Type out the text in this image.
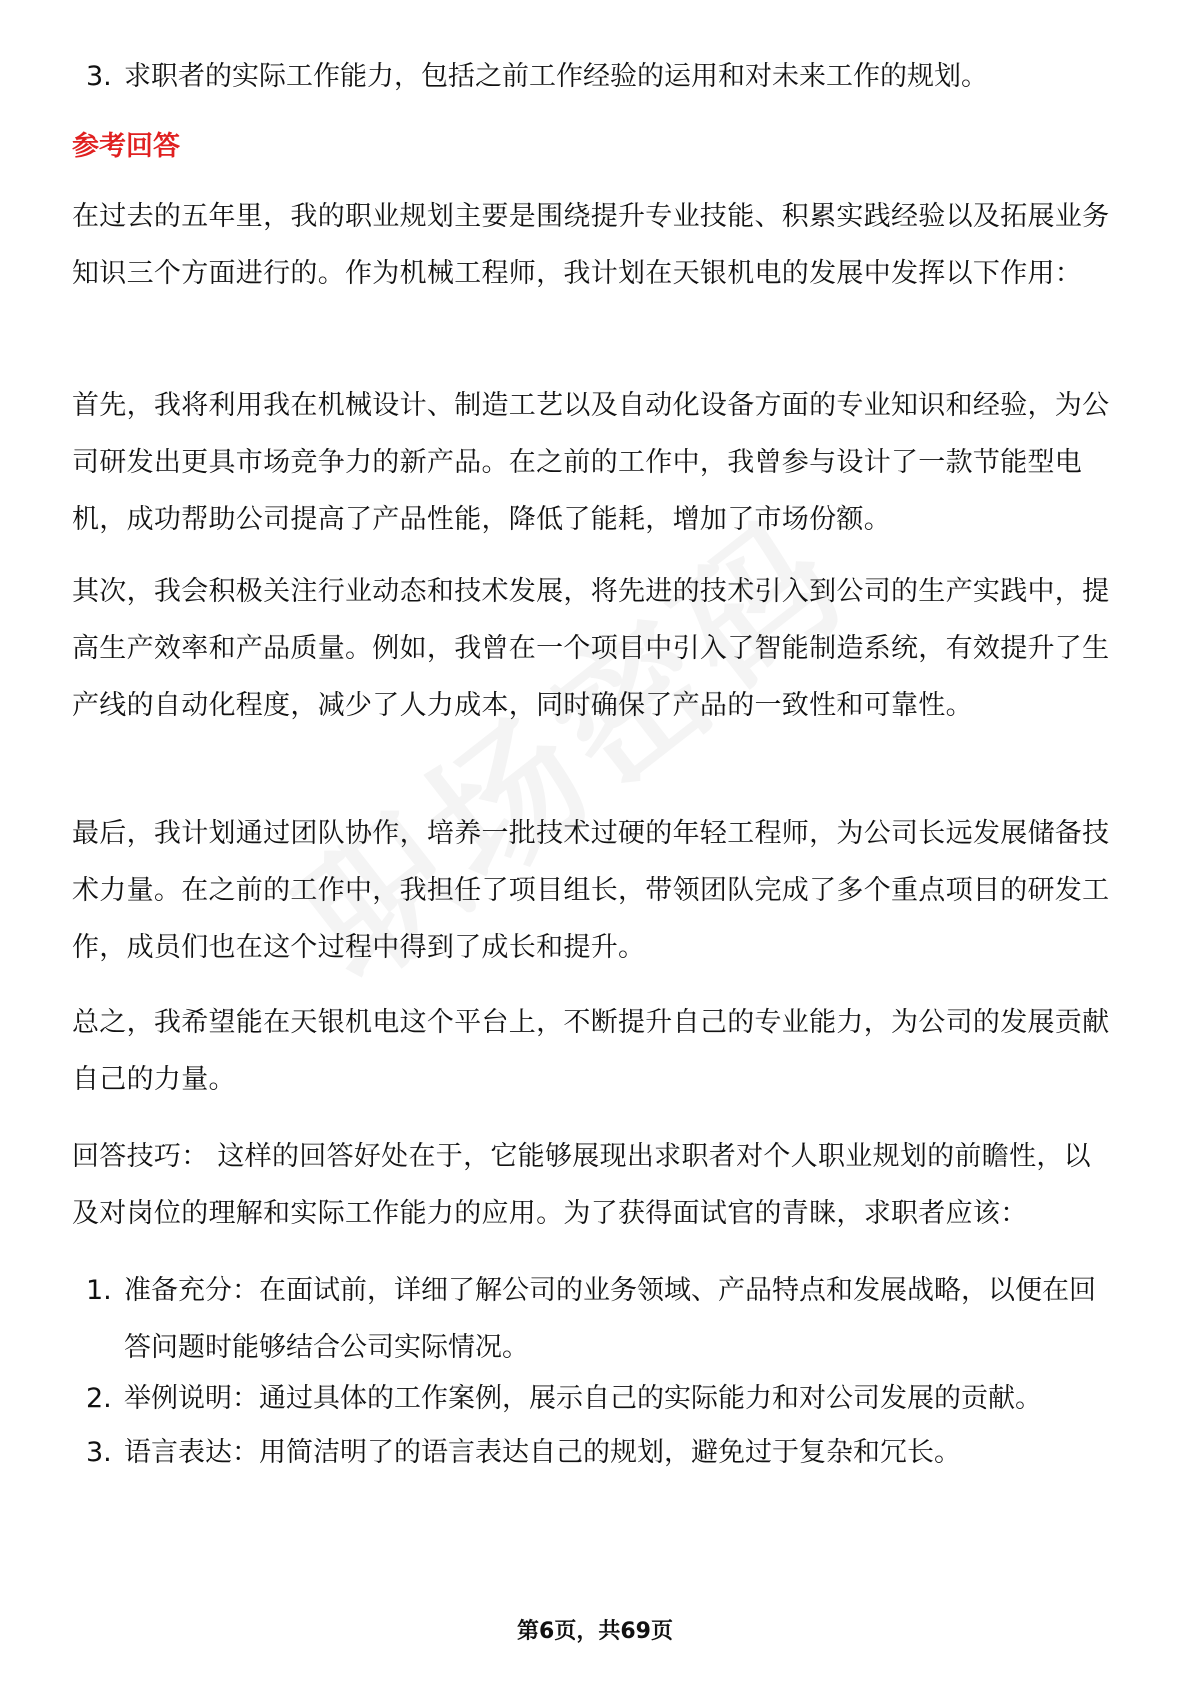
3. 求职者的实际工作能力，包括之前工作经验的运用和对未来工作的规划。
参考回答
在过去的五年里，我的职业规划主要是围绕提升专业技能、积累实践经验以及拓展业务知识三个方面进行的。作为机械工程师，我计划在天银机电的发展中发挥以下作用：
首先，我将利用我在机械设计、制造工艺以及自动化设备方面的专业知识和经验，为公司研发出更具市场竞争力的新产品。在之前的工作中，我曾参与设计了一款节能型电机，成功帮助公司提高了产品性能，降低了能耗，增加了市场份额。
其次，我会积极关注行业动态和技术发展，将先进的技术引入到公司的生产实践中，提高生产效率和产品质量。例如，我曾在一个项目中引入了智能制造系统，有效提升了生产线的自动化程度，减少了人力成本，同时确保了产品的一致性和可靠性。
最后，我计划通过团队协作，培养一批技术过硬的年轻工程师，为公司长远发展储备技术力量。在之前的工作中，我担任了项目组长，带领团队完成了多个重点项目的研发工作，成员们也在这个过程中得到了成长和提升。
总之，我希望能在天银机电这个平台上，不断提升自己的专业能力，为公司的发展贡献自己的力量。
回答技巧： 这样的回答好处在于，它能够展现出求职者对个人职业规划的前瞻性，以及对岗位的理解和实际工作能力的应用。为了获得面试官的青睐，求职者应该：
1. 准备充分：在面试前，详细了解公司的业务领域、产品特点和发展战略，以便在回答问题时能够结合公司实际情况。
2. 举例说明：通过具体的工作案例，展示自己的实际能力和对公司发展的贡献。
3. 语言表达：用简洁明了的语言表达自己的规划，避免过于复杂和冗长。
第6页，共69页
